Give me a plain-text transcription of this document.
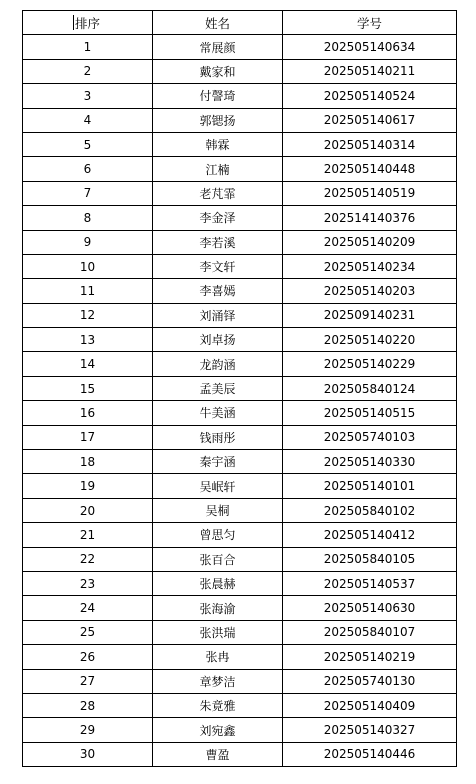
排序	姓名	学号
1	常展颜	202505140634
2	戴家和	202505140211
3	付謦琦	202505140524
4	郭锶扬	202505140617
5	韩霖	202505140314
6	江楠	202505140448
7	老芃霏	202505140519
8	李金泽	202514140376
9	李若溪	202505140209
10	李文轩	202505140234
11	李喜嫣	202505140203
12	刘涌铎	202509140231
13	刘卓扬	202505140220
14	龙韵涵	202505140229
15	孟美辰	202505840124
16	牛美涵	202505140515
17	钱雨彤	202505740103
18	秦宇涵	202505140330
19	吴岷轩	202505140101
20	吴桐	202505840102
21	曾思匀	202505140412
22	张百合	202505840105
23	张晨赫	202505140537
24	张海渝	202505140630
25	张洪瑞	202505840107
26	张冉	202505140219
27	章梦洁	202505740130
28	朱竟雅	202505140409
29	刘宛鑫	202505140327
30	曹盈	202505140446
